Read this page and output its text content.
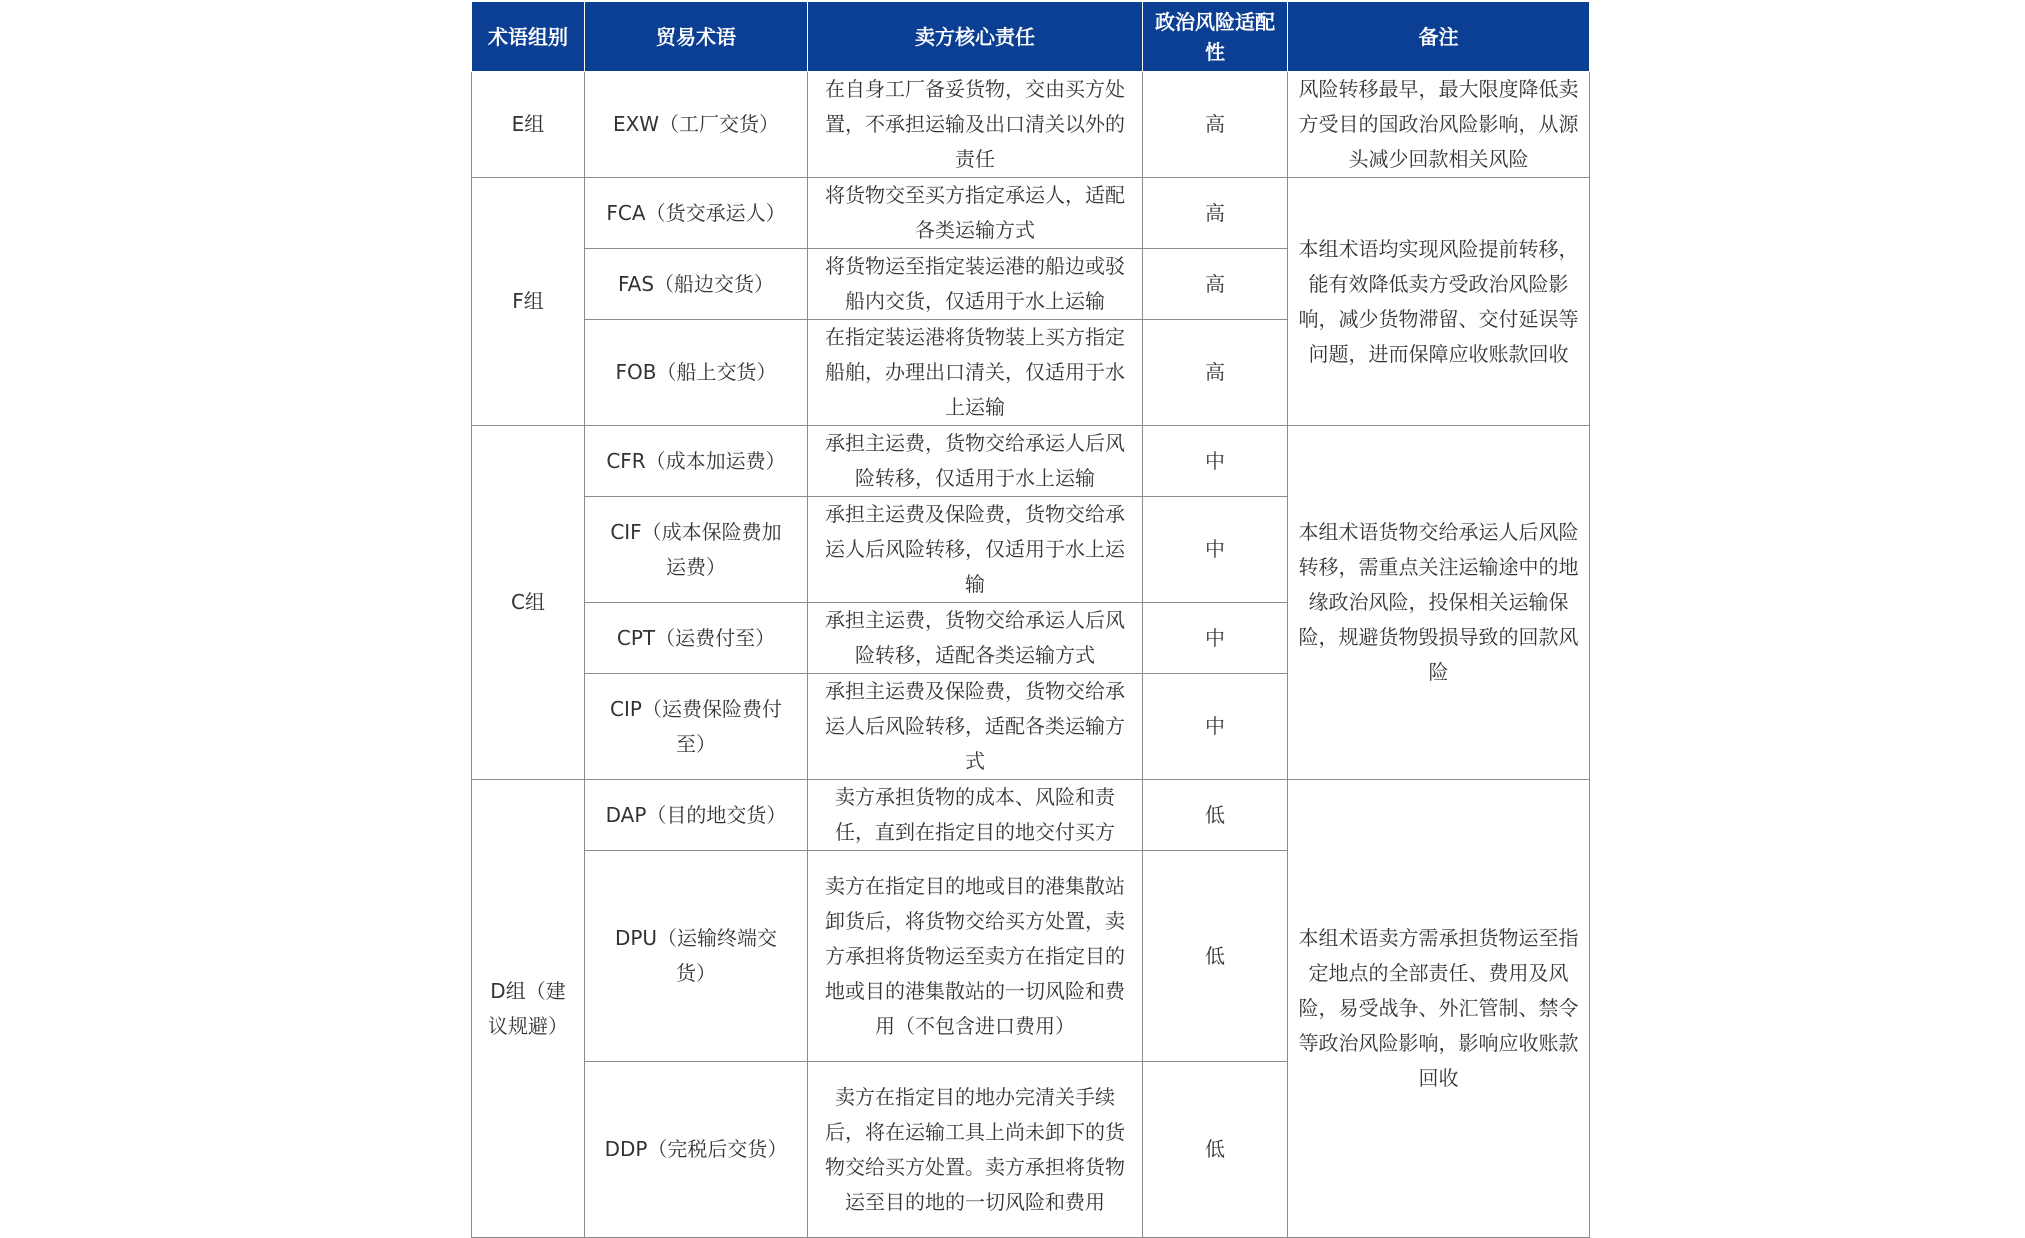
术语组别	贸易术语	卖方核心责任	政治风险适配性	备注
E组	EXW（工厂交货）	在自身工厂备妥货物，交由买方处置，不承担运输及出口清关以外的责任	高	风险转移最早，最大限度降低卖方受目的国政治风险影响，从源头减少回款相关风险
F组	FCA（货交承运人）	将货物交至买方指定承运人，适配各类运输方式	高	本组术语均实现风险提前转移，能有效降低卖方受政治风险影响，减少货物滞留、交付延误等问题，进而保障应收账款回收
	FAS（船边交货）	将货物运至指定装运港的船边或驳船内交货，仅适用于水上运输	高	
	FOB（船上交货）	在指定装运港将货物装上买方指定船舶，办理出口清关，仅适用于水上运输	高	
C组	CFR（成本加运费）	承担主运费，货物交给承运人后风险转移，仅适用于水上运输	中	本组术语货物交给承运人后风险转移，需重点关注运输途中的地缘政治风险，投保相关运输保险，规避货物毁损导致的回款风险
	CIF（成本保险费加运费）	承担主运费及保险费，货物交给承运人后风险转移，仅适用于水上运输	中	
	CPT（运费付至）	承担主运费，货物交给承运人后风险转移，适配各类运输方式	中	
	CIP（运费保险费付至）	承担主运费及保险费，货物交给承运人后风险转移，适配各类运输方式	中	
D组（建议规避）	DAP（目的地交货）	卖方承担货物的成本、风险和责任，直到在指定目的地交付买方	低	本组术语卖方需承担货物运至指定地点的全部责任、费用及风险，易受战争、外汇管制、禁令等政治风险影响，影响应收账款回收
	DPU（运输终端交货）	卖方在指定目的地或目的港集散站卸货后，将货物交给买方处置，卖方承担将货物运至卖方在指定目的地或目的港集散站的一切风险和费用（不包含进口费用）	低	
	DDP（完税后交货）	卖方在指定目的地办完清关手续后，将在运输工具上尚未卸下的货物交给买方处置。卖方承担将货物运至目的地的一切风险和费用	低	
